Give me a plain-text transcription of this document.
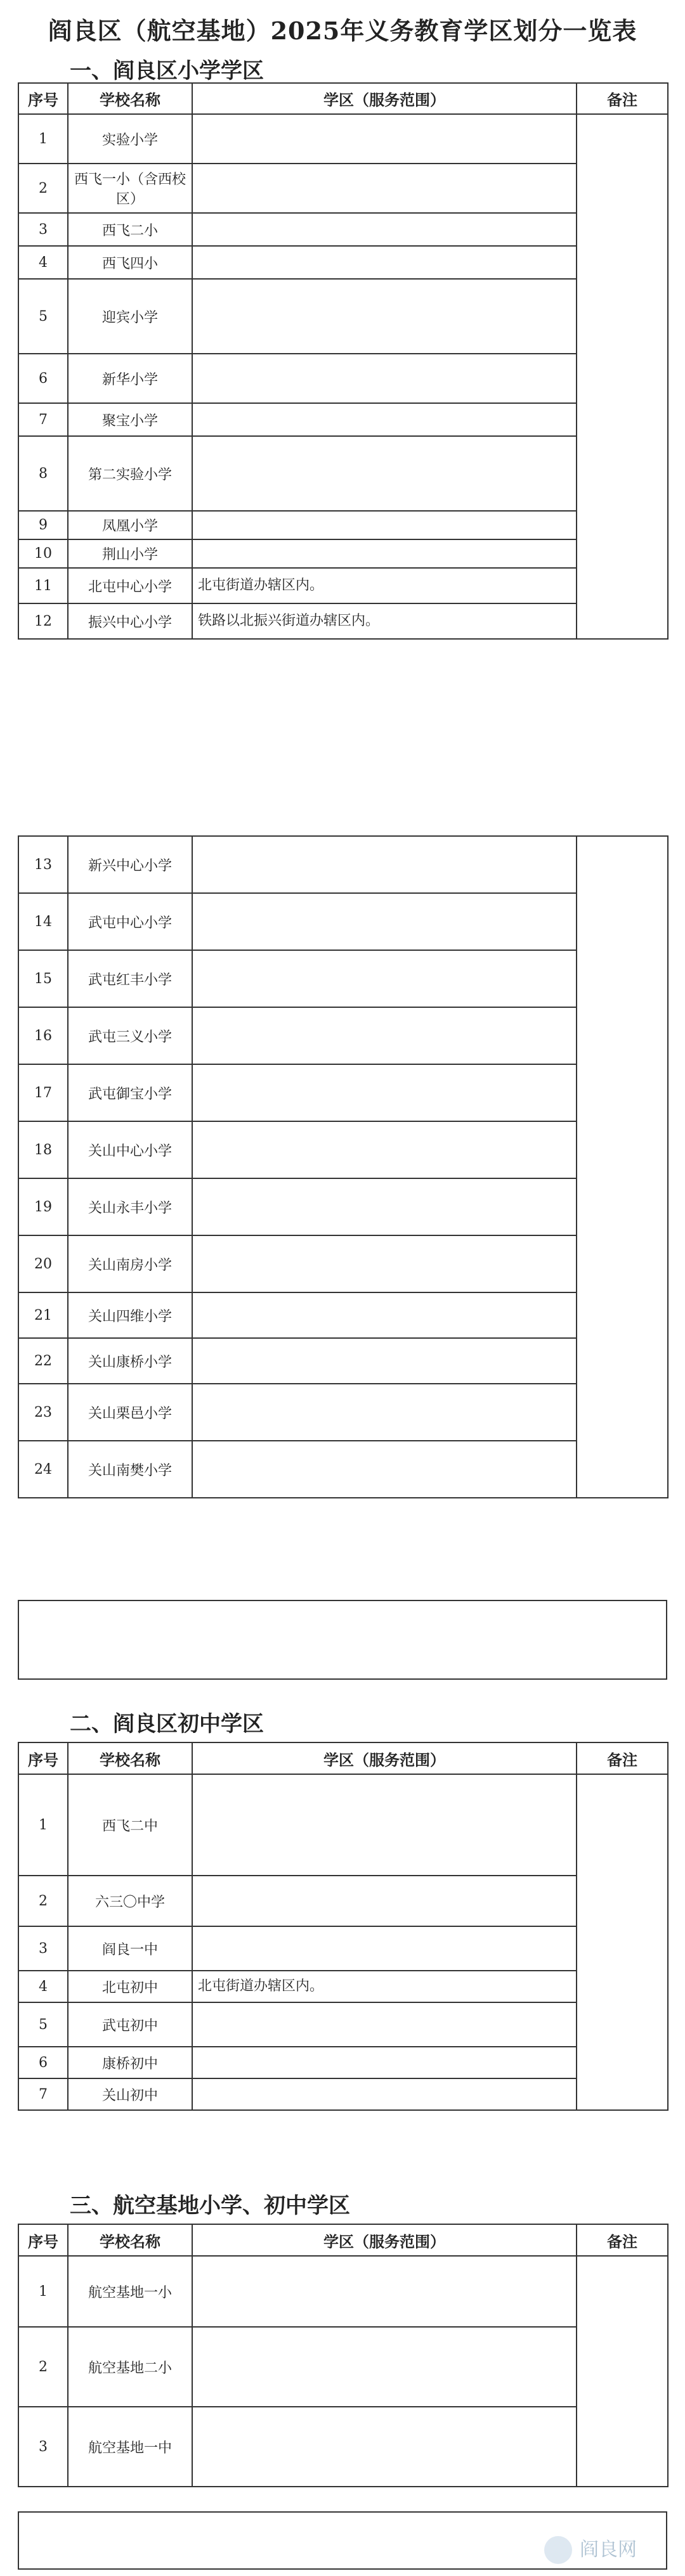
阎良区（航空基地）2025年义务教育学区划分一览表
一、阎良区小学学区
序号	学校名称	学区（服务范围）	备注
1	实验小学		
2	西飞一小（含西校区）		
3	西飞二小		
4	西飞四小		
5	迎宾小学		
6	新华小学		
7	聚宝小学		
8	第二实验小学		
9	凤凰小学		
10	荆山小学		
11	北屯中心小学	北屯街道办辖区内。	
12	振兴中心小学	铁路以北振兴街道办辖区内。	
13	新兴中心小学		
14	武屯中心小学		
15	武屯红丰小学		
16	武屯三义小学		
17	武屯御宝小学		
18	关山中心小学		
19	关山永丰小学		
20	关山南房小学		
21	关山四维小学		
22	关山康桥小学		
23	关山栗邑小学		
24	关山南樊小学		
二、阎良区初中学区
序号	学校名称	学区（服务范围）	备注
1	西飞二中		
2	六三〇中学		
3	阎良一中		
4	北屯初中	北屯街道办辖区内。	
5	武屯初中		
6	康桥初中		
7	关山初中		
三、航空基地小学、初中学区
序号	学校名称	学区（服务范围）	备注
1	航空基地一小		
2	航空基地二小		
3	航空基地一中		
阎良网
